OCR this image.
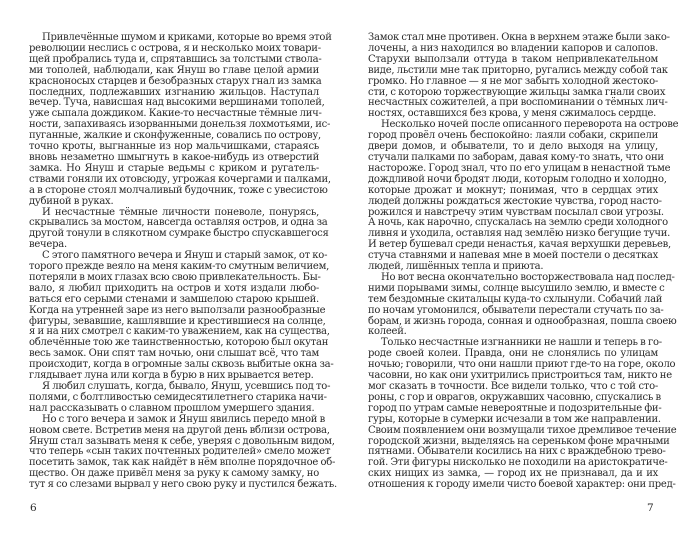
Привлечённые шумом и криками, которые во время этой
революции неслись с острова, я и несколько моих товари-
щей пробрались туда и, спрятавшись за толстыми ствола-
ми тополей, наблюдали, как Януш во главе целой армии
красноносых старцев и безобразных старух гнал из замка
последних, подлежавших изгнанию жильцов. Наступал
вечер. Туча, нависшая над высокими вершинами тополей,
уже сыпала дождиком. Какие-то несчастные тёмные лич-
ности, запахиваясь изорванными донельзя лохмотьями, ис-
пуганные, жалкие и сконфуженные, совались по острову,
точно кроты, выгнанные из нор мальчишками, стараясь
вновь незаметно шмыгнуть в какое-нибудь из отверстий
замка. Но Януш и старые ведьмы с криком и ругатель-
ствами гоняли их отовсюду, угрожая кочергами и палками,
а в стороне стоял молчаливый будочник, тоже с увесистою
дубиной в руках.
И несчастные тёмные личности поневоле, понурясь,
скрывались за мостом, навсегда оставляя остров, и одна за
другой тонули в слякотном сумраке быстро спускавшегося
вечера.
С этого памятного вечера и Януш и старый замок, от ко-
торого прежде веяло на меня каким-то смутным величием,
потеряли в моих глазах всю свою привлекательность. Бы-
вало, я любил приходить на остров и хотя издали любо-
ваться его серыми стенами и замшелою старою крышей.
Когда на утренней заре из него выползали разнообразные
фигуры, зевавшие, кашлявшие и крестившиеся на солнце,
я и на них смотрел с каким-то уважением, как на существа,
облечённые тою же таинственностью, которою был окутан
весь замок. Они спят там ночью, они слышат всё, что там
происходит, когда в огромные залы сквозь выбитые окна за-
глядывает луна или когда в бурю в них врывается ветер.
Я любил слушать, когда, бывало, Януш, усевшись под то-
полями, с болтливостью семидесятилетнего старика начи-
нал рассказывать о славном прошлом умершего здания.
Но с того вечера и замок и Януш явились передо мной в
новом свете. Встретив меня на другой день вблизи острова,
Януш стал зазывать меня к себе, уверяя с довольным видом,
что теперь «сын таких почтенных родителей» смело может
посетить замок, так как найдёт в нём вполне порядочное об-
щество. Он даже привёл меня за руку к самому замку, но
тут я со слезами вырвал у него свою руку и пустился бежать.
6
Замок стал мне противен. Окна в верхнем этаже были зако-
лочены, а низ находился во владении капоров и салопов.
Старухи выползали оттуда в таком непривлекательном
виде, льстили мне так приторно, ругались между собой так
громко. Но главное — я не мог забыть холодной жестоко-
сти, с которою торжествующие жильцы замка гнали своих
несчастных сожителей, а при воспоминании о тёмных лич-
ностях, оставшихся без крова, у меня сжималось сердце.
Несколько ночей после описанного переворота на острове
город провёл очень беспокойно: лаяли собаки, скрипели
двери домов, и обыватели, то и дело выходя на улицу,
стучали палками по заборам, давая кому-то знать, что они
настороже. Город знал, что по его улицам в ненастной тьме
дождливой ночи бродят люди, которым голодно и холодно,
которые дрожат и мокнут; понимая, что в сердцах этих
людей должны рождаться жестокие чувства, город насто-
рожился и навстречу этим чувствам посылал свои угрозы.
А ночь, как нарочно, спускалась на землю среди холодного
ливня и уходила, оставляя над землёю низко бегущие тучи.
И ветер бушевал среди ненастья, качая верхушки деревьев,
стуча ставнями и напевая мне в моей постели о десятках
людей, лишённых тепла и приюта.
Но вот весна окончательно восторжествовала над послед-
ними порывами зимы, солнце высушило землю, и вместе с
тем бездомные скитальцы куда-то схлынули. Собачий лай
по ночам угомонился, обыватели перестали стучать по за-
борам, и жизнь города, сонная и однообразная, пошла своею
колеей.
Только несчастные изгнанники не нашли и теперь в го-
роде своей колеи. Правда, они не слонялись по улицам
ночью; говорили, что они нашли приют где-то на горе, около
часовни, но как они ухитрились пристроиться там, никто не
мог сказать в точности. Все видели только, что с той сто-
роны, с гор и оврагов, окружавших часовню, спускались в
город по утрам самые невероятные и подозрительные фи-
гуры, которые в сумерки исчезали в том же направлении.
Своим появлением они возмущали тихое дремливое течение
городской жизни, выделяясь на сереньком фоне мрачными
пятнами. Обыватели косились на них с враждебною трево-
гой. Эти фигуры нисколько не походили на аристократиче-
ских нищих из замка, — город их не признавал, да и их
отношения к городу имели чисто боевой характер: они пред-
7
